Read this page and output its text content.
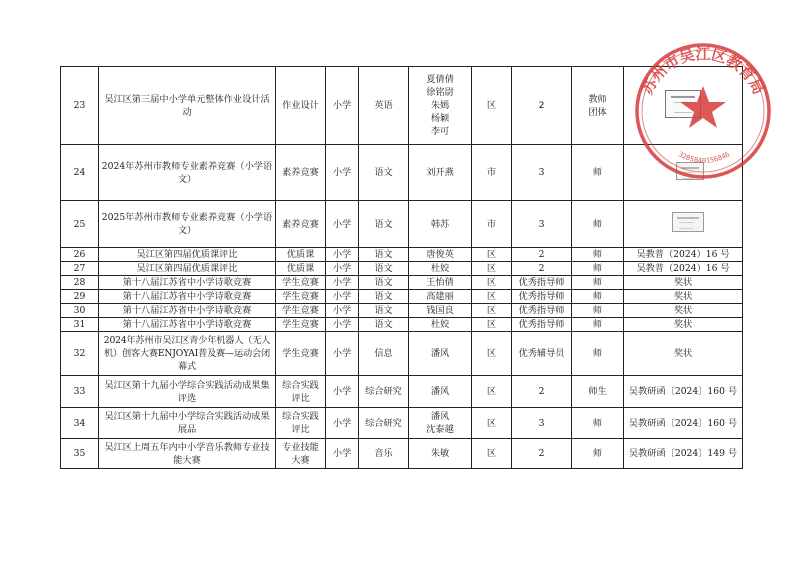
23	吴江区第三届中小学单元整体作业设计活动	作业设计	小学	英语	夏倩倩
徐铭尉
朱嫣
杨颖
李可	区	2	教师团体	

24	2024年苏州市教师专业素养竞赛（小学语文）	素养竞赛	小学	语文	刘开燕	市	3	师	
25	2025年苏州市教师专业素养竞赛（小学语文）	素养竞赛	小学	语文	韩苏	市	3	师	
26	吴江区第四届优质课评比	优质课	小学	语文	唐俊英	区	2	师	吴教普（2024）16 号
27	吴江区第四届优质课评比	优质课	小学	语文	杜姣	区	2	师	吴教普（2024）16 号
28	第十八届江苏省中小学诗歌竞赛	学生竞赛	小学	语文	王怡倩	区	优秀指导师	师	奖状
29	第十八届江苏省中小学诗歌竞赛	学生竞赛	小学	语文	高建丽	区	优秀指导师	师	奖状
30	第十八届江苏省中小学诗歌竞赛	学生竞赛	小学	语文	钱国良	区	优秀指导师	师	奖状
31	第十八届江苏省中小学诗歌竞赛	学生竞赛	小学	语文	杜姣	区	优秀指导师	师	奖状
32	2024年苏州市吴江区青少年机器人（无人机）创客大赛ENJOYAI普及赛—运动会闭幕式	学生竞赛	小学	信息	潘风	区	优秀辅导员	师	奖状
33	吴江区第十九届小学综合实践活动成果集评选	综合实践评比	小学	综合研究	潘风	区	2	师生	吴教研函〔2024〕160 号
34	吴江区第十九届中小学综合实践活动成果展品	综合实践评比	小学	综合研究	潘风
沈泰越	区	3	师	吴教研函〔2024〕160 号
35	吴江区上周五年内中小学音乐教师专业技能大赛	专业技能大赛	小学	音乐	朱敏	区	2	师	吴教研函〔2024〕149 号
苏州市吴江区教育局
3205840156846
